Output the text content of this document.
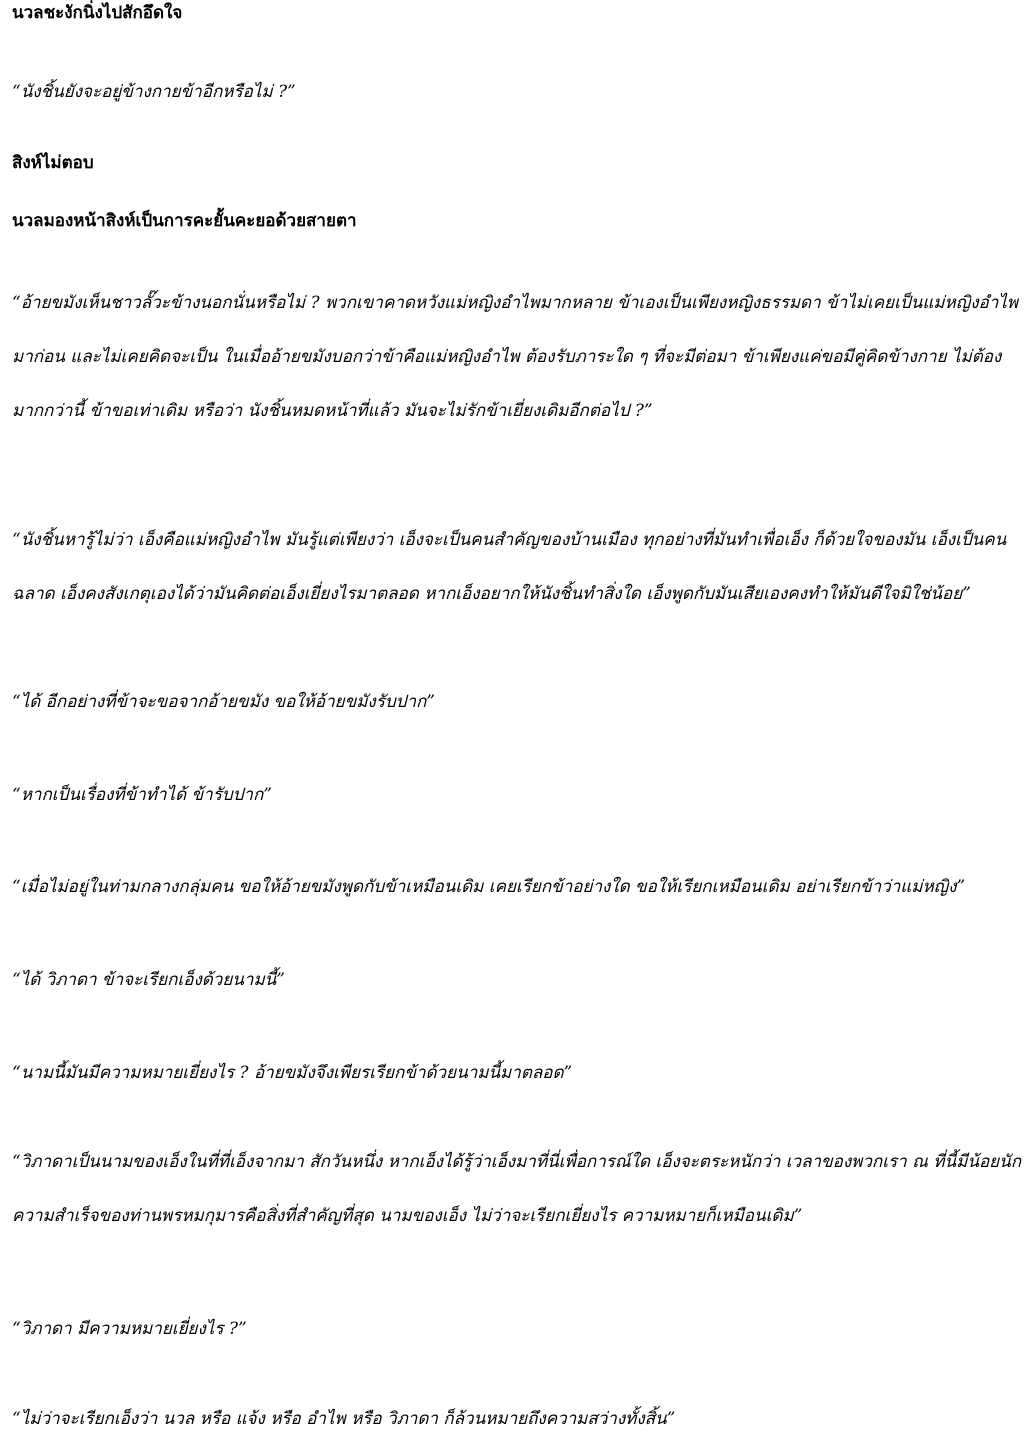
นวลชะงักนิ่งไปสักอึดใจ

“นังชิ้นยังจะอยู่ข้างกายข้าอีกหรือไม่ ?”

สิงห์ไม่ตอบ

นวลมองหน้าสิงห์เป็นการคะยั้นคะยอด้วยสายตา

“อ้ายขมังเห็นชาวลั๊วะข้างนอกนั่นหรือไม่ ? พวกเขาคาดหวังแม่หญิงอำไพมากหลาย ข้าเองเป็นเพียงหญิงธรรมดา ข้าไม่เคยเป็นแม่หญิงอำไพมาก่อน และไม่เคยคิดจะเป็น ในเมื่ออ้ายขมังบอกว่าข้าคือแม่หญิงอำไพ ต้องรับภาระใด ๆ ที่จะมีต่อมา ข้าเพียงแค่ขอมีคู่คิดข้างกาย ไม่ต้องมากกว่านี้ ข้าขอเท่าเดิม หรือว่า นังชิ้นหมดหน้าที่แล้ว มันจะไม่รักข้าเยี่ยงเดิมอีกต่อไป ?”

“นังชิ้นหารู้ไม่ว่า เอ็งคือแม่หญิงอำไพ มันรู้แต่เพียงว่า เอ็งจะเป็นคนสำคัญของบ้านเมือง ทุกอย่างที่มันทำเพื่อเอ็ง ก็ด้วยใจของมัน เอ็งเป็นคนฉลาด เอ็งคงสังเกตุเองได้ว่ามันคิดต่อเอ็งเยี่ยงไรมาตลอด หากเอ็งอยากให้นังชิ้นทำสิ่งใด เอ็งพูดกับมันเสียเองคงทำให้มันดีใจมิใช่น้อย”

“ได้ อีกอย่างที่ข้าจะขอจากอ้ายขมัง ขอให้อ้ายขมังรับปาก”

“หากเป็นเรื่องที่ข้าทำได้ ข้ารับปาก”

“เมื่อไม่อยู่ในท่ามกลางกลุ่มคน ขอให้อ้ายขมังพูดกับข้าเหมือนเดิม เคยเรียกข้าอย่างใด ขอให้เรียกเหมือนเดิม อย่าเรียกข้าว่าแม่หญิง”

“ได้ วิภาดา ข้าจะเรียกเอ็งด้วยนามนี้”

“นามนี้มันมีความหมายเยี่ยงไร ? อ้ายขมังจึงเพียรเรียกข้าด้วยนามนี้มาตลอด”

“วิภาดาเป็นนามของเอ็งในที่ที่เอ็งจากมา สักวันหนึ่ง หากเอ็งได้รู้ว่าเอ็งมาที่นี่เพื่อการณ์ใด เอ็งจะตระหนักว่า เวลาของพวกเรา ณ ที่นี้มีน้อยนัก ความสำเร็จของท่านพรหมกุมารคือสิ่งที่สำคัญที่สุด นามของเอ็ง ไม่ว่าจะเรียกเยี่ยงไร ความหมายก็เหมือนเดิม”

“วิภาดา มีความหมายเยี่ยงไร ?”

“ไม่ว่าจะเรียกเอ็งว่า นวล หรือ แจ้ง หรือ อำไพ หรือ วิภาดา ก็ล้วนหมายถึงความสว่างทั้งสิ้น”
